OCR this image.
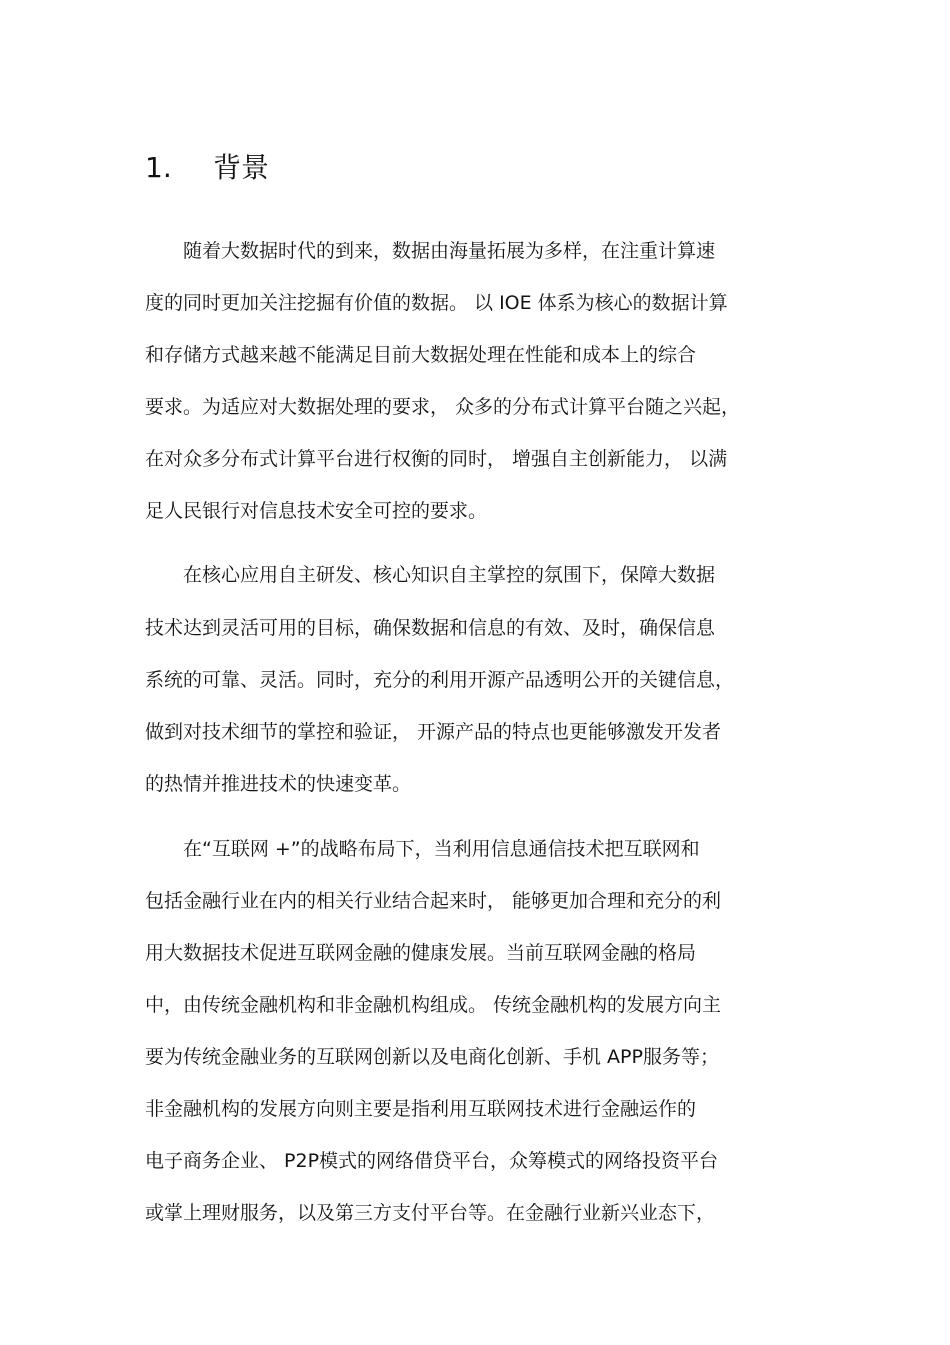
1. 背景
随着大数据时代的到来，数据由海量拓展为多样，在注重计算速
度的同时更加关注挖掘有价值的数据。 以 IOE 体系为核心的数据计算
和存储方式越来越不能满足目前大数据处理在性能和成本上的综合
要求。为适应对大数据处理的要求， 众多的分布式计算平台随之兴起，
在对众多分布式计算平台进行权衡的同时， 增强自主创新能力， 以满
足人民银行对信息技术安全可控的要求。
在核心应用自主研发、核心知识自主掌控的氛围下，保障大数据
技术达到灵活可用的目标，确保数据和信息的有效、及时，确保信息
系统的可靠、灵活。同时，充分的利用开源产品透明公开的关键信息，
做到对技术细节的掌控和验证， 开源产品的特点也更能够激发开发者
的热情并推进技术的快速变革。
在“互联网 +”的战略布局下，当利用信息通信技术把互联网和
包括金融行业在内的相关行业结合起来时， 能够更加合理和充分的利
用大数据技术促进互联网金融的健康发展。当前互联网金融的格局
中，由传统金融机构和非金融机构组成。 传统金融机构的发展方向主
要为传统金融业务的互联网创新以及电商化创新、手机 APP服务等；
非金融机构的发展方向则主要是指利用互联网技术进行金融运作的
电子商务企业、 P2P模式的网络借贷平台，众筹模式的网络投资平台
或掌上理财服务，以及第三方支付平台等。在金融行业新兴业态下，
